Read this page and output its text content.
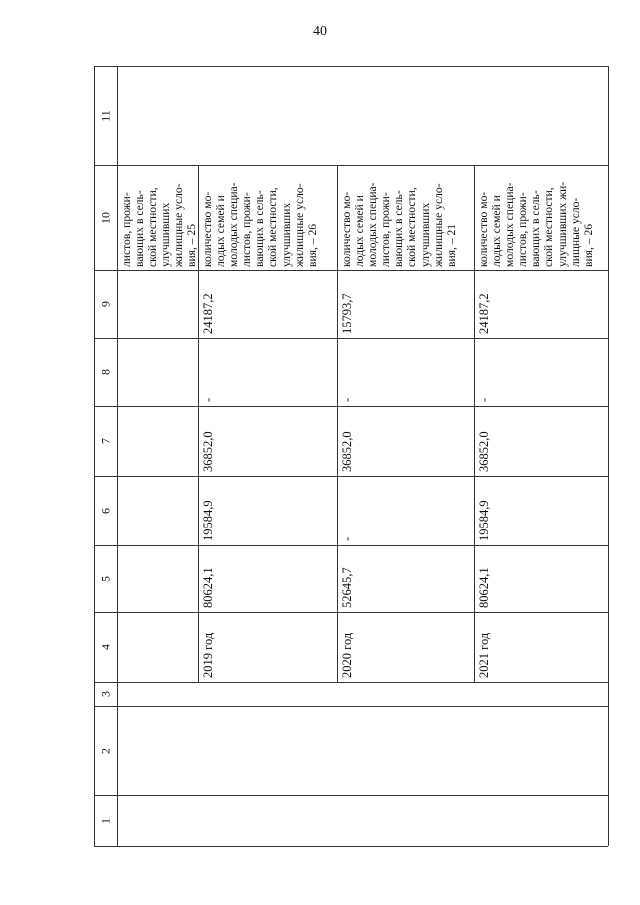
40
1
2
3
4
5
6
7
8
9
10
11
листов, прожи-
вающих в сель-
ской местности,
улучшивших
жилищные усло-
вия, – 25
2019 год
80624,1
19584,9
36852,0
-
24187,2
количество мо-
лодых семей и
молодых специа-
листов, прожи-
вающих в сель-
ской местности,
улучшивших
жилищные усло-
вия, – 26
2020 год
52645,7
-
36852,0
-
15793,7
количество мо-
лодых семей и
молодых специа-
листов, прожи-
вающих в сель-
ской местности,
улучшивших
жилищные усло-
вия, – 21
2021 год
80624,1
19584,9
36852,0
-
24187,2
количество мо-
лодых семей и
молодых специа-
листов, прожи-
вающих в сель-
ской местности,
улучшивших жи-
лищные усло-
вия, – 26
